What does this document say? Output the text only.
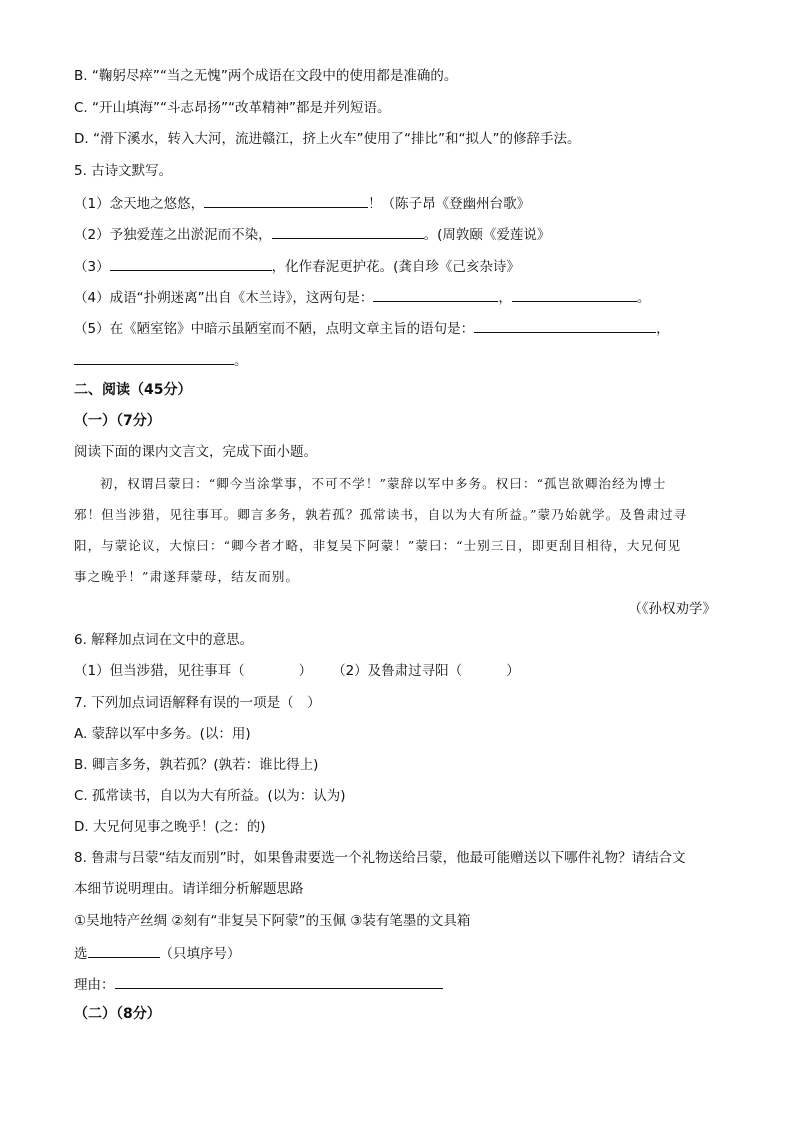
B. “鞠躬尽瘁”“当之无愧”两个成语在文段中的使用都是准确的。
C. “开山填海”“斗志昂扬”“改革精神”都是并列短语。
D. “滑下溪水，转入大河，流进赣江，挤上火车”使用了“排比”和“拟人”的修辞手法。
5. 古诗文默写。
（1）念天地之悠悠，	！（陈子昂《登幽州台歌》
（2）予独爱莲之出淤泥而不染，	。(周敦颐《爱莲说》
（3）	，化作春泥更护花。(龚自珍《己亥杂诗》
（4）成语“扑朔迷离”出自《木兰诗》，这两句是：	，	。
（5）在《陋室铭》中暗示虽陋室而不陋，点明文章主旨的语句是：	，
。
二、阅读（45分）
（一）（7分）
阅读下面的课内文言文，完成下面小题。
初，权谓吕蒙曰：“卿今当涂掌事，不可不学！”蒙辞以军中多务。权曰：“孤岂欲卿治经为博士
邪！但当涉猎，见往事耳。卿言多务，孰若孤？孤常读书，自以为大有所益。”蒙乃始就学。及鲁肃过寻
阳，与蒙论议，大惊曰：“卿今者才略，非复吴下阿蒙！”蒙曰：“士别三日，即更刮目相待，大兄何见
事之晚乎！”肃遂拜蒙母，结友而别。
（《孙权劝学》
6. 解释加点词在文中的意思。
（1）但当涉猎，见往事耳（	） （2）及鲁肃过寻阳（	）
7. 下列加点词语解释有误的一项是（　）
A. 蒙辞以军中多务。(以：用)
B. 卿言多务，孰若孤？(孰若：谁比得上)
C. 孤常读书，自以为大有所益。(以为：认为)
D. 大兄何见事之晚乎！(之：的)
8. 鲁肃与吕蒙“结友而别”时，如果鲁肃要选一个礼物送给吕蒙，他最可能赠送以下哪件礼物？请结合文
本细节说明理由。请详细分析解题思路
①吴地特产丝绸 ②刻有“非复吴下阿蒙”的玉佩 ③装有笔墨的文具箱
选	（只填序号）
理由：
（二）（8分）
